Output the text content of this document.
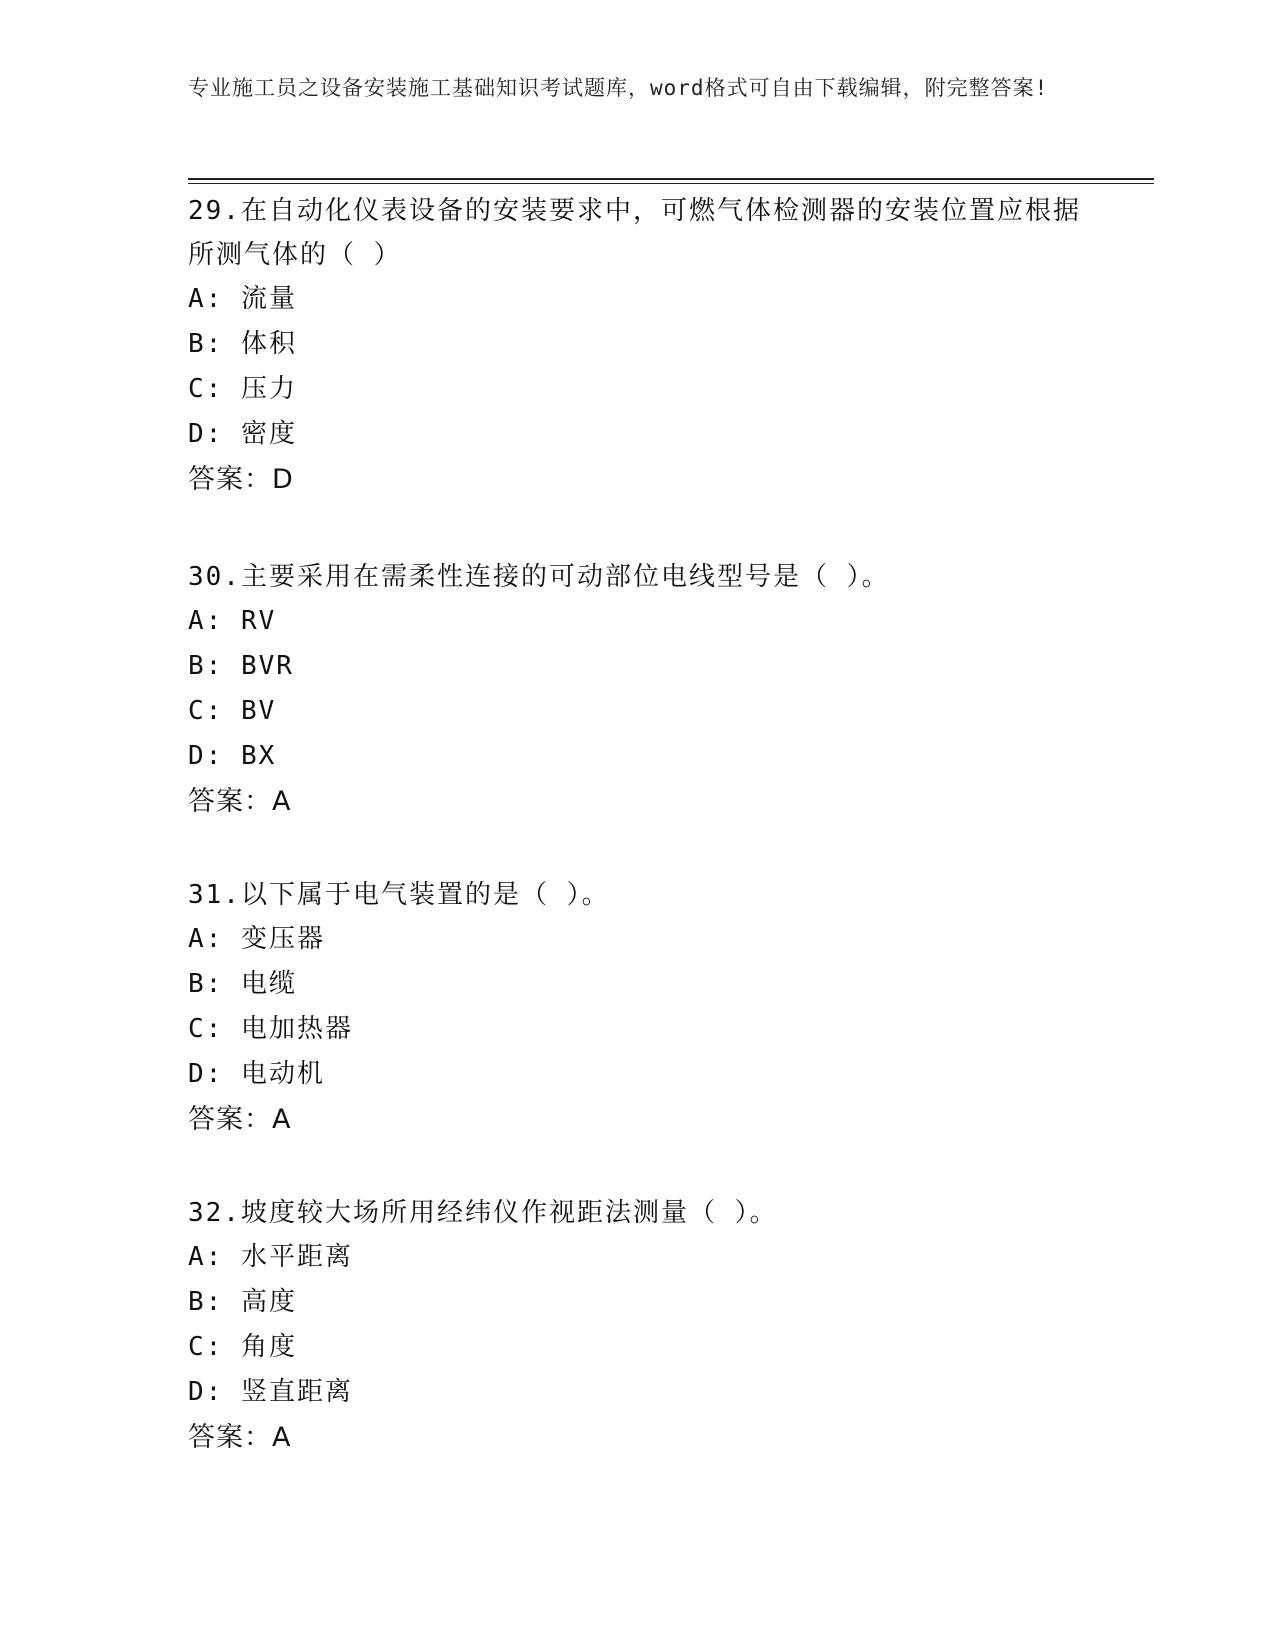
专业施工员之设备安装施工基础知识考试题库，word格式可自由下载编辑，附完整答案!

29.在自动化仪表设备的安装要求中，可燃气体检测器的安装位置应根据所测气体的（ ）

A: 流量

B: 体积

C: 压力

D: 密度

答案：D

30.主要采用在需柔性连接的可动部位电线型号是（ ）。

A: RV

B: BVR

C: BV

D: BX

答案：A

31.以下属于电气装置的是（ ）。

A: 变压器

B: 电缆

C: 电加热器

D: 电动机

答案：A

32.坡度较大场所用经纬仪作视距法测量（ ）。

A: 水平距离

B: 高度

C: 角度

D: 竖直距离

答案：A
